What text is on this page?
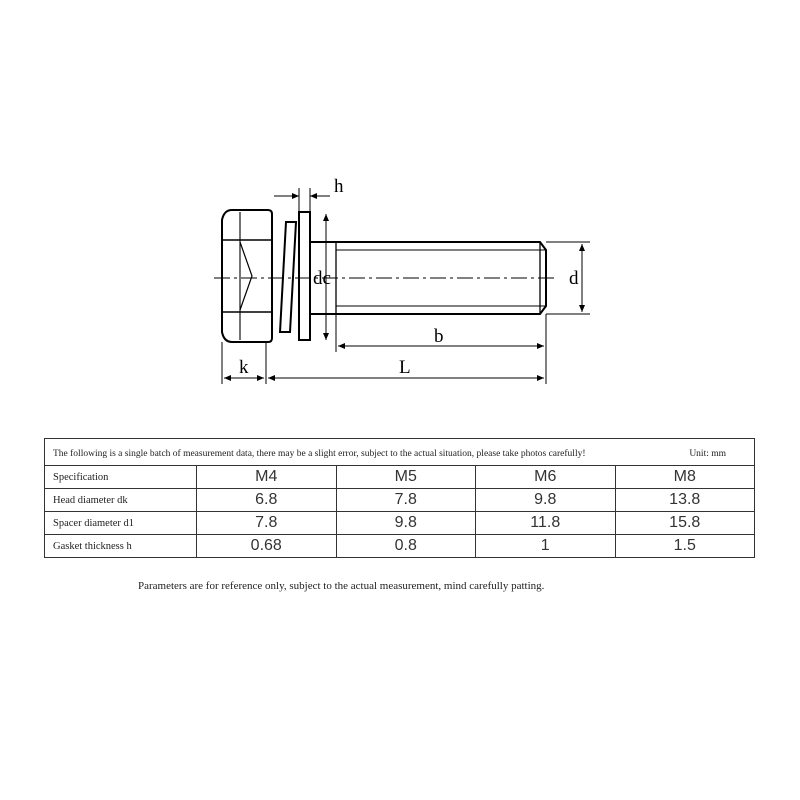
h
dc	d
b
k	L
The following is a single batch of measurement data, there may be a slight error, subject to the actual situation, please take photos carefully! Unit: mm				

Specification	M4	M5	M6	M8
Head diameter dk	6.8	7.8	9.8	13.8
Spacer diameter d1	7.8	9.8	11.8	15.8
Gasket thickness h	0.68	0.8	1	1.5
Parameters are for reference only, subject to the actual measurement, mind carefully patting.
